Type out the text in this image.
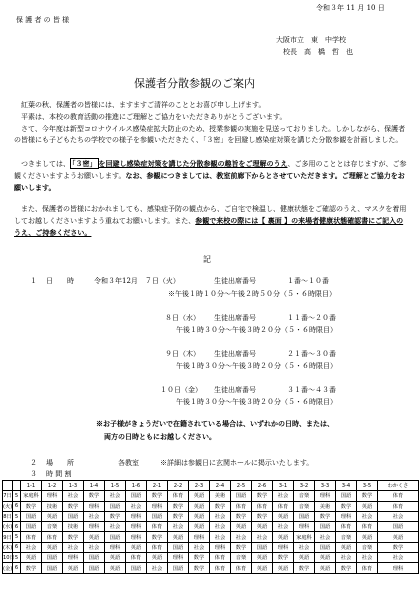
令和３年 11 月 10 日
保 護 者 の 皆 様
大阪市立　東　中学校
校長　高　橋　哲　也
保護者分散参観のご案内
　紅葉の秋、保護者の皆様には、ますますご清祥のこととお喜び申し上げます。
　平素は、本校の教育活動の推進にご理解とご協力をいただきありがとうございます。
　さて、今年度は新型コロナウイルス感染症拡大防止のため、授業参観の実施を見送っておりました。しかしながら、保護者の皆様にも子どもたちの学校での様子を参観いただきたく、「３密」を回避し感染症対策を講じた分散参観を計画しました。
　つきましては、 「３密」 を回避し感染症対策を講じた分散参観の趣旨をご理解のうえ、ご多用のこととは存じますが、ご参観くださいますようお願いします。なお、参観につきましては、教室前廊下からとさせていただきます。ご理解とご協力をお願いします。
　また、保護者の皆様におかれましても、感染症予防の観点から、ご自宅で検温し、健康状態をご確認のうえ、マスクを着用してお越しくださいますよう重ねてお願いします。また、参観で来校の際には【 裏面 】の来場者健康状態確認書にご記入のうえ、ご持参ください。
記
１ 日　　時	令和３年12月　７日（火）	生徒出席番号	１番～１０番
※午後１時１０分～午後２時５０分（５・６時限目）
８日（水） 生徒出席番号	１１番～２０番
午後１時３０分～午後３時２０分（５・６時限目）
９日（木） 生徒出席番号	２１番～３０番
午後１時３０分～午後３時２０分（５・６時限目）
１０日（金） 生徒出席番号	３１番～４３番
午後１時３０分～午後３時２０分（５・６時限目）
※お子様がきょうだいで在籍されている場合は、いずれかの日時、または、
両方の日時ともにお越しください。
２ 場　　所	各教室	※詳細は参観日に玄関ホールに掲示いたします。
３ 時 間 割
		1-1	1-2	1-3	1-4	1-5	1-6	2-1	2-2	2-3	2-4	2-5	2-6	3-1	3-2	3-3	3-4	3-5	わかくさ
7日	5	家庭科	理科	社会	数学	社会	国語	数学	体育	英語	美術	国語	数学	社会	音楽	理科	国語	数学	体育
(火)	6	数学	技術	数学	理科	国語	社会	理科	数学	英語	数学	体育	体育	体育	音楽	美術	数学	英語	体育
8日	5	国語	英語	国語	社会	数学	理科	国語	数学	英語	社会	数学	数学	英語	国語	数学	理科	社会	社会
(水)	6	国語	音楽	技術	理科	社会	理科	体育	社会	英語	社会	英語	英語	社会	理科	国語	体育	体育	国語
9日	5	体育	体育	数学	英語	国語	理科	数学	英語	理科	社会	社会	社会	英語	家庭科	社会	音楽	英語	英語
(木)	6	社会	英語	社会	社会	理科	英語	体育	国語	社会	理科	数学	国語	理科	社会	国語	英語	音楽	数学
10日	5	英語	国語	理科	国語	英語	体育	英語	理科	数学	体育	音楽	英語	数学	英語	英語	社会	社会	社会
(金)	6	数学	国語	英語	国語	英語	国語	社会	国語	数学	体育	体育	英語	英語	数学	英語	数学	体育	理科
